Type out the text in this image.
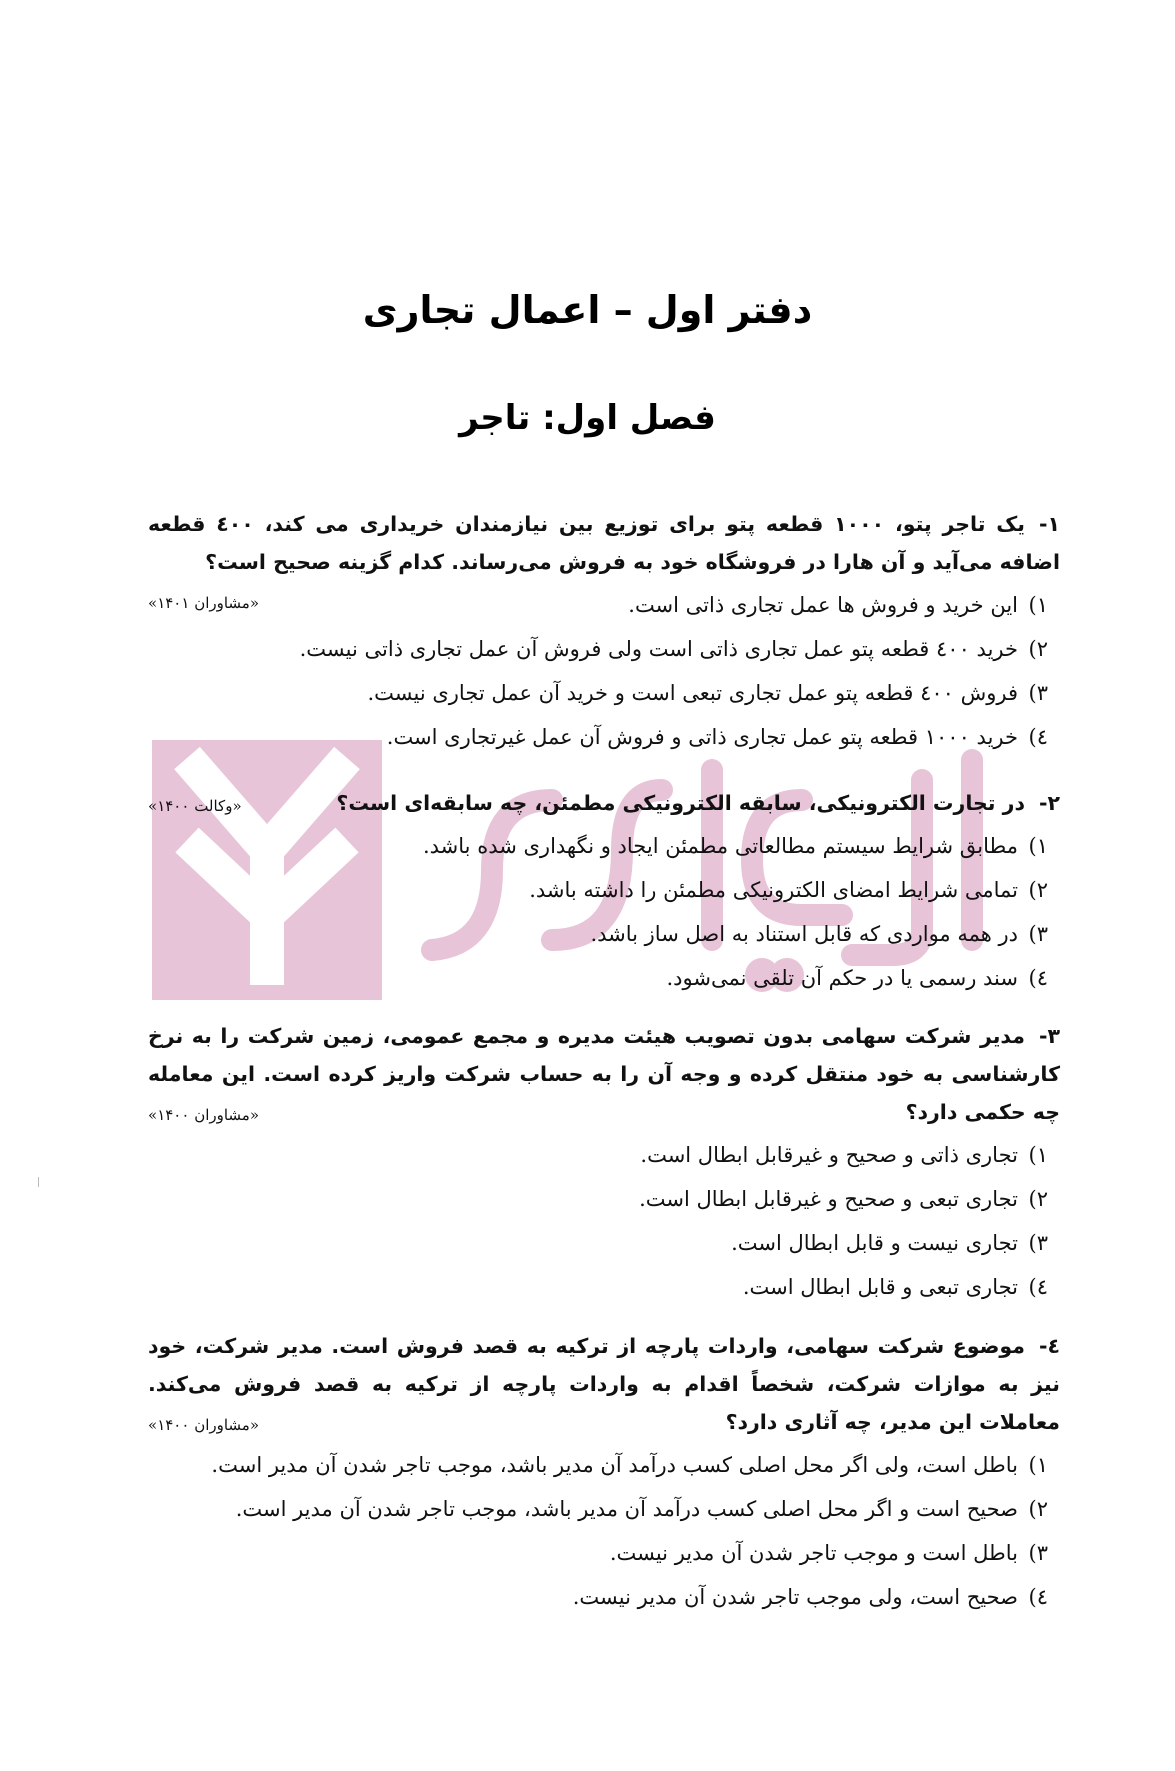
دفتر اول – اعمال تجاری
فصل اول: تاجر
۱-یک تاجر پتو، ۱۰۰۰ قطعه پتو برای توزیع بین نیازمندان خریداری می کند، ٤٠٠ قطعه اضافه می‌آید و آن هارا در فروشگاه خود به فروش می‌رساند. کدام گزینه صحیح است؟
«مشاوران ۱۴۰۱»	۱)این خرید و فروش ها عمل تجاری ذاتی است.
۲)خرید ٤٠٠ قطعه پتو عمل تجاری ذاتی است ولی فروش آن عمل تجاری ذاتی نیست.
۳)فروش ٤٠٠ قطعه پتو عمل تجاری تبعی است و خرید آن عمل تجاری نیست.
٤)خرید ۱۰۰۰ قطعه پتو عمل تجاری ذاتی و فروش آن عمل غیرتجاری است.
۲-در تجارت الکترونیکی، سابقه الکترونیکی مطمئن، چه سابقه‌ای است؟
«وکالت ۱۴۰۰»
۱)مطابق شرایط سیستم مطالعاتی مطمئن ایجاد و نگهداری شده باشد.
۲)تمامی شرایط امضای الکترونیکی مطمئن را داشته باشد.
۳)در همه مواردی که قابل استناد به اصل ساز باشد.
٤)سند رسمی یا در حکم آن تلقی نمی‌شود.
۳-مدیر شرکت سهامی بدون تصویب هیئت مدیره و مجمع عمومی، زمین شرکت را به نرخ کارشناسی به خود منتقل کرده و وجه آن را به حساب شرکت واریز کرده است. این معامله چه حکمی دارد؟
«مشاوران ۱۴۰۰»
۱)تجاری ذاتی و صحیح و غیرقابل ابطال است.
۲)تجاری تبعی و صحیح و غیرقابل ابطال است.
۳)تجاری نیست و قابل ابطال است.
٤)تجاری تبعی و قابل ابطال است.
٤-موضوع شرکت سهامی، واردات پارچه از ترکیه به قصد فروش است. مدیر شرکت، خود نیز به موازات شرکت، شخصاً اقدام به واردات پارچه از ترکیه به قصد فروش می‌کند. معاملات این مدیر، چه آثاری دارد؟
«مشاوران ۱۴۰۰»
۱)باطل است، ولی اگر محل اصلی کسب درآمد آن مدیر باشد، موجب تاجر شدن آن مدیر است.
۲)صحیح است و اگر محل اصلی کسب درآمد آن مدیر باشد، موجب تاجر شدن آن مدیر است.
۳)باطل است و موجب تاجر شدن آن مدیر نیست.
٤)صحیح است، ولی موجب تاجر شدن آن مدیر نیست.
